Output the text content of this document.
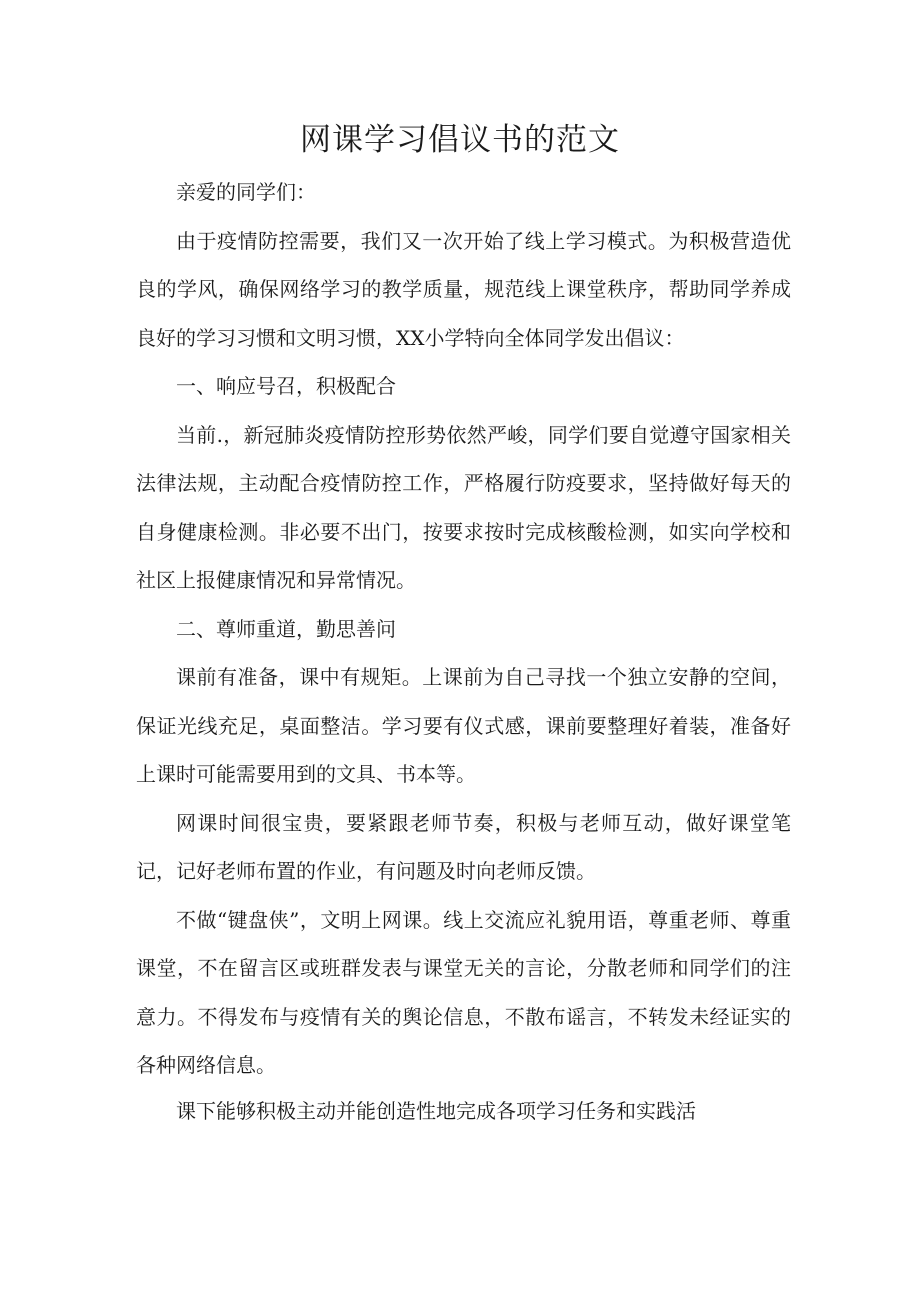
网课学习倡议书的范文

亲爱的同学们：

由于疫情防控需要，我们又一次开始了线上学习模式。为积极营造优良的学风，确保网络学习的教学质量，规范线上课堂秩序，帮助同学养成良好的学习习惯和文明习惯，XX小学特向全体同学发出倡议：

一、响应号召，积极配合

当前.，新冠肺炎疫情防控形势依然严峻，同学们要自觉遵守国家相关法律法规，主动配合疫情防控工作，严格履行防疫要求，坚持做好每天的自身健康检测。非必要不出门，按要求按时完成核酸检测，如实向学校和社区上报健康情况和异常情况。

二、尊师重道，勤思善问

课前有准备，课中有规矩。上课前为自己寻找一个独立安静的空间，保证光线充足，桌面整洁。学习要有仪式感，课前要整理好着装，准备好上课时可能需要用到的文具、书本等。

网课时间很宝贵，要紧跟老师节奏，积极与老师互动，做好课堂笔记，记好老师布置的作业，有问题及时向老师反馈。

不做“键盘侠”，文明上网课。线上交流应礼貌用语，尊重老师、尊重课堂，不在留言区或班群发表与课堂无关的言论，分散老师和同学们的注意力。不得发布与疫情有关的舆论信息，不散布谣言，不转发未经证实的各种网络信息。

课下能够积极主动并能创造性地完成各项学习任务和实践活
